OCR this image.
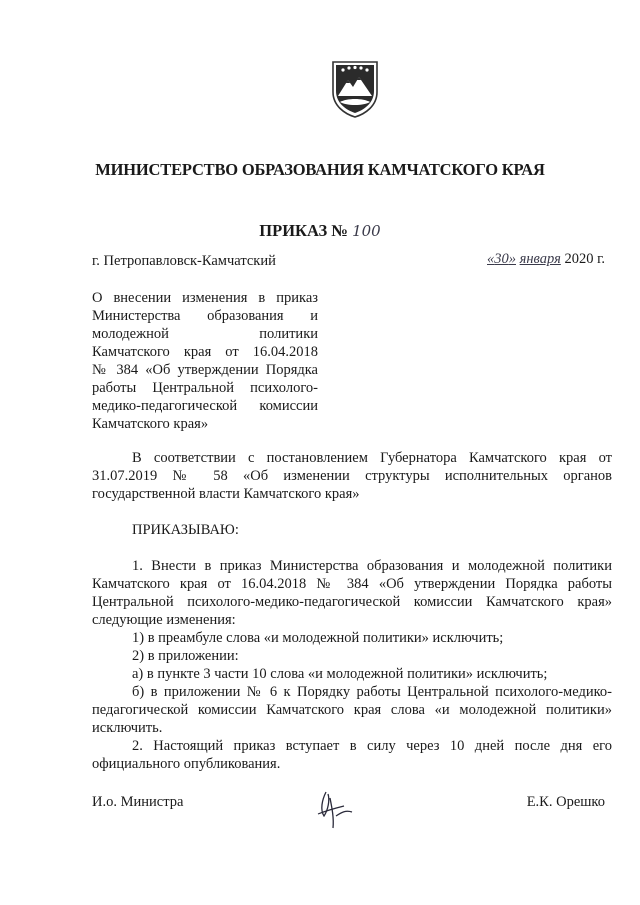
МИНИСТЕРСТВО ОБРАЗОВАНИЯ КАМЧАТСКОГО КРАЯ
ПРИКАЗ № 100
г. Петропавловск-Камчатский	«30» января 2020 г.
О внесении изменения в приказ
Министерства образования и
молодежной политики
Камчатского края от 16.04.2018
№ 384 «Об утверждении Порядка
работы Центральной психолого-
медико-педагогической комиссии
Камчатского края»
В соответствии с постановлением Губернатора Камчатского края от 31.07.2019 № 58 «Об изменении структуры исполнительных органов государственной власти Камчатского края»
ПРИКАЗЫВАЮ:
1. Внести в приказ Министерства образования и молодежной политики Камчатского края от 16.04.2018 № 384 «Об утверждении Порядка работы Центральной психолого-медико-педагогической комиссии Камчатского края» следующие изменения:
1) в преамбуле слова «и молодежной политики» исключить;
2) в приложении:
а) в пункте 3 части 10 слова «и молодежной политики» исключить;
б) в приложении № 6 к Порядку работы Центральной психолого-медико-педагогической комиссии Камчатского края слова «и молодежной политики» исключить.
2. Настоящий приказ вступает в силу через 10 дней после дня его официального опубликования.
И.о. Министра	Е.К. Орешко
